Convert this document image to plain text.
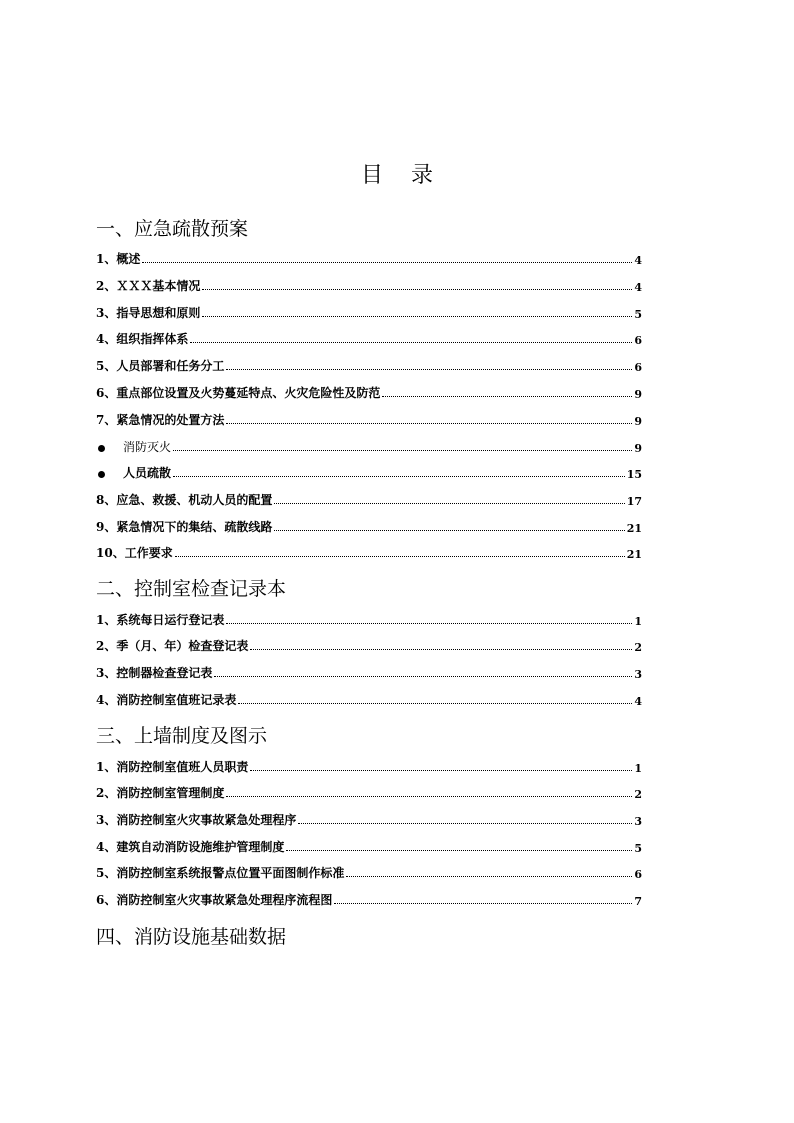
目 录
一、应急疏散预案
1、概述	4
2、ＸＸＸ基本情况	4
3、指导思想和原则	5
4、组织指挥体系	6
5、人员部署和任务分工	6
6、重点部位设置及火势蔓延特点、火灾危险性及防范	9
7、紧急情况的处置方法	9
消防灭火	9
人员疏散	15
8、应急、救援、机动人员的配置	17
9、紧急情况下的集结、疏散线路	21
10、工作要求	21
二、控制室检查记录本
1、系统每日运行登记表	1
2、季（月、年）检查登记表	2
3、控制器检查登记表	3
4、消防控制室值班记录表	4
三、上墙制度及图示
1、消防控制室值班人员职责	1
2、消防控制室管理制度	2
3、消防控制室火灾事故紧急处理程序	3
4、建筑自动消防设施维护管理制度	5
5、消防控制室系统报警点位置平面图制作标准	6
6、消防控制室火灾事故紧急处理程序流程图	7
四、消防设施基础数据
